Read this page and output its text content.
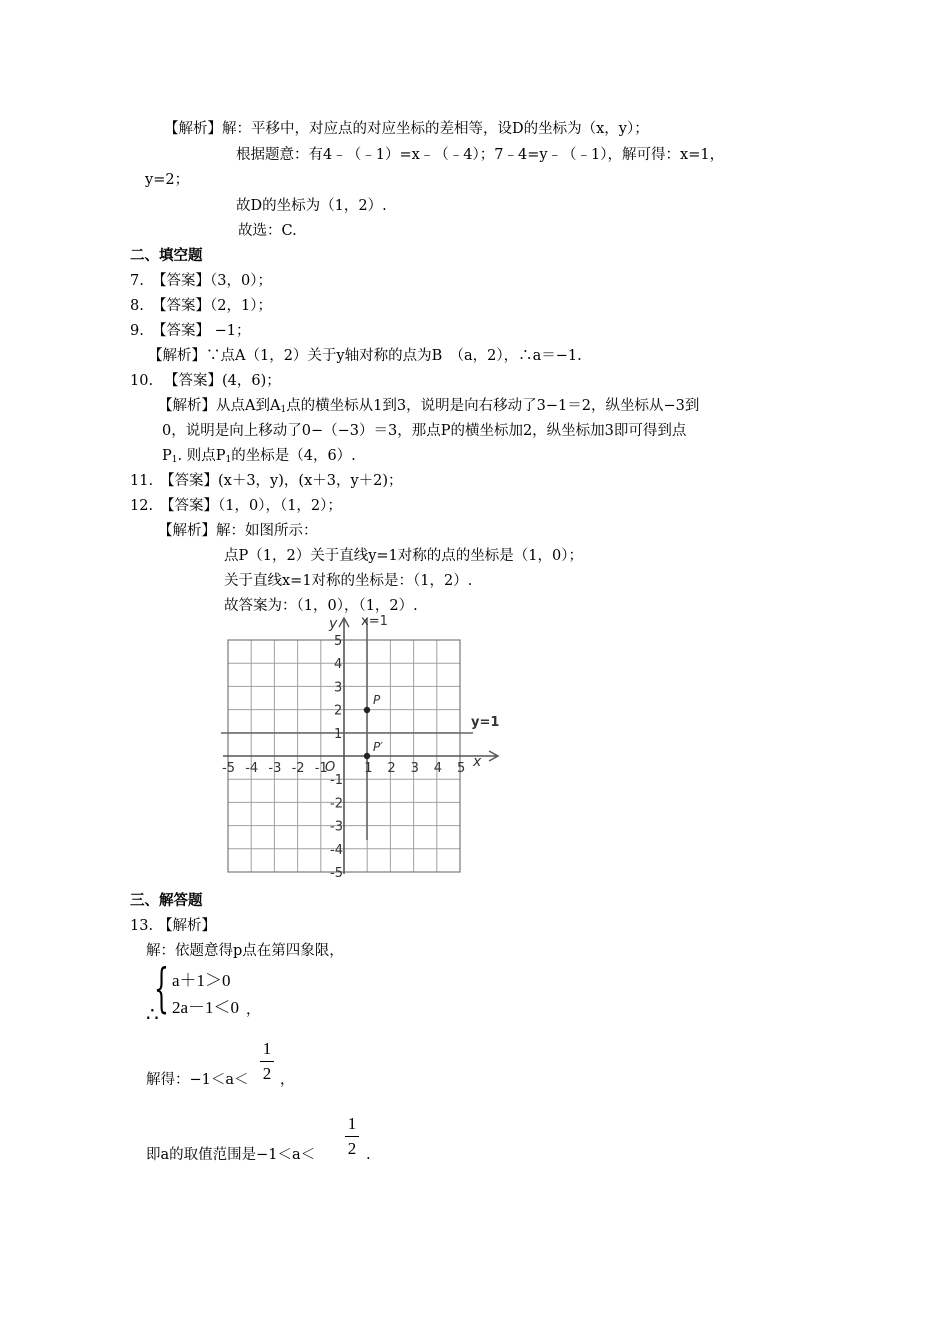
【解析】解：平移中，对应点的对应坐标的差相等，设D的坐标为（x，y）；
根据题意：有4﹣（﹣1）=x﹣（﹣4）；7﹣4=y﹣（﹣1），解可得：x=1，
y=2；
故D的坐标为（1，2）.
故选：C.
二、填空题
7. 【答案】（3，0）；
8. 【答案】（2，1）；
9. 【答案】 −1；
【解析】∵点A（1，2）关于y轴对称的点为B　（a，2），∴a＝−1.
10. 【答案】(4，6)；
【解析】从点A到$A_1$点的横坐标从1到3，说明是向右移动了3−1＝2，纵坐标从−3到
0，说明是向上移动了0−（−3）＝3，那点P的横坐标加2，纵坐标加3即可得到点
$P_1$. 则点$P_1$的坐标是（4，6）.
11. 【答案】(x＋3，y)，(x＋3，y＋2)；
12. 【答案】（1，0），（1，2）；
【解析】解：如图所示：
点P（1，2）关于直线y=1对称的点的坐标是（1，0）；
关于直线x=1对称的坐标是：（1，2）.
故答案为：（1，0），（1，2）.
-5 -4 -3 -2 -1	1 2 3 4 5
5
4
3
2
1
-1
-2
-3
-4
-5
x
y
O
x=1
y=1
P
P′
三、解答题
13. 【解析】
解：依题意得p点在第四象限，
{ a＋1＞0
2a－1＜0 ，
∴
解得：−1＜a＜
1
2 ，
即a的取值范围是−1＜a＜
1
2 .
